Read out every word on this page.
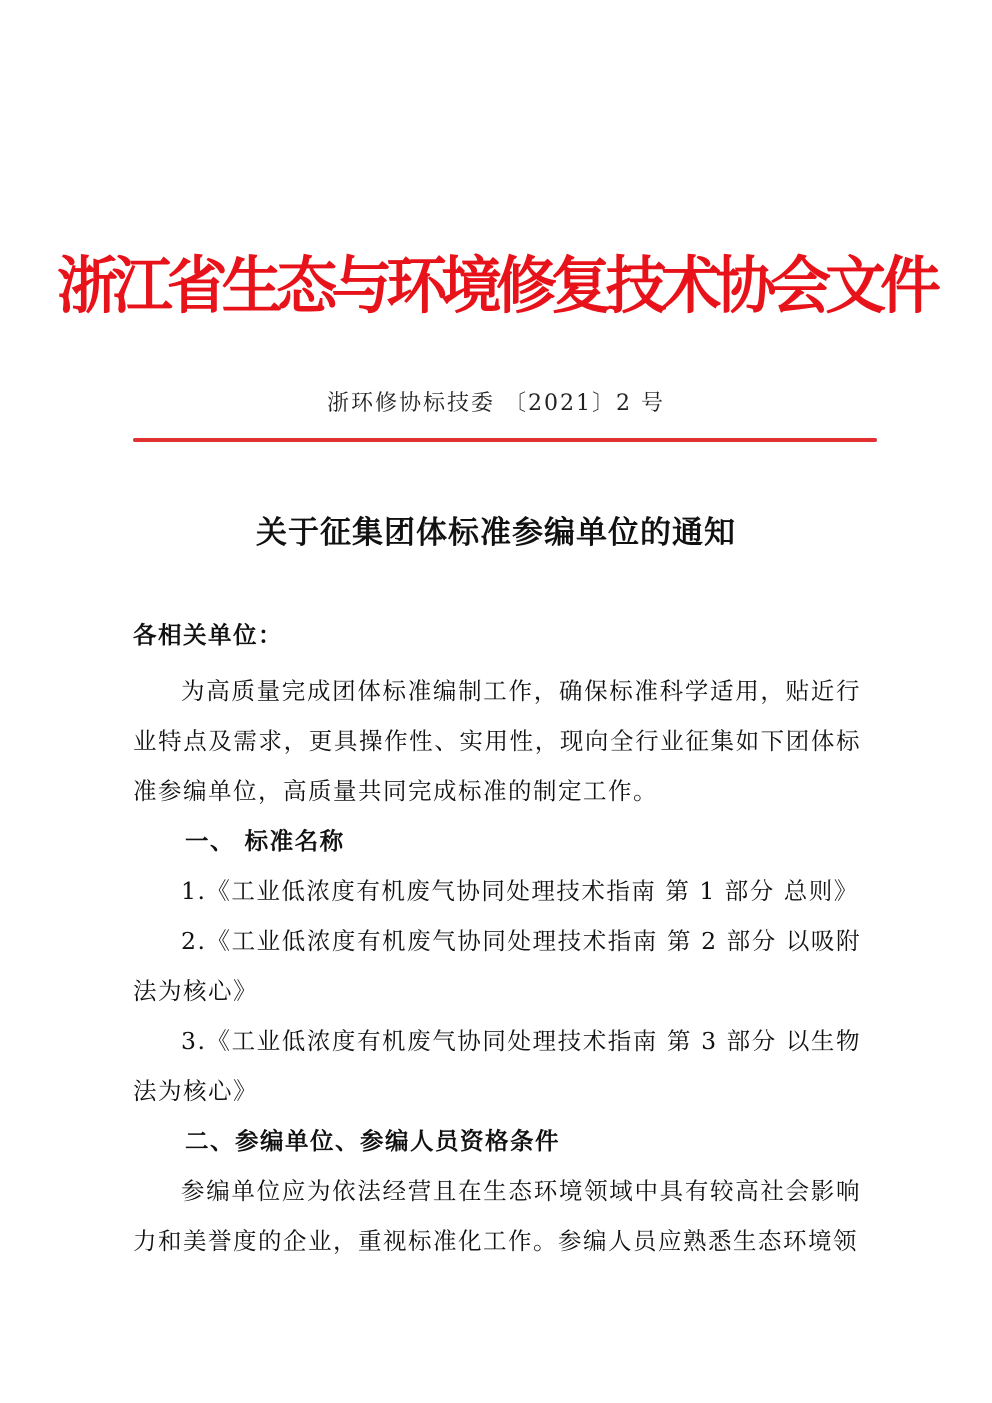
浙江省生态与环境修复技术协会文件
浙环修协标技委 〔2021〕2 号
关于征集团体标准参编单位的通知

各相关单位：

为高质量完成团体标准编制工作，确保标准科学适用，贴近行业特点及需求，更具操作性、实用性，现向全行业征集如下团体标准参编单位，高质量共同完成标准的制定工作。

一、 标准名称

1.《工业低浓度有机废气协同处理技术指南 第 1 部分 总则》

2.《工业低浓度有机废气协同处理技术指南 第 2 部分 以吸附法为核心》

3.《工业低浓度有机废气协同处理技术指南 第 3 部分 以生物法为核心》

二、参编单位、参编人员资格条件

参编单位应为依法经营且在生态环境领域中具有较高社会影响力和美誉度的企业，重视标准化工作。参编人员应熟悉生态环境领
